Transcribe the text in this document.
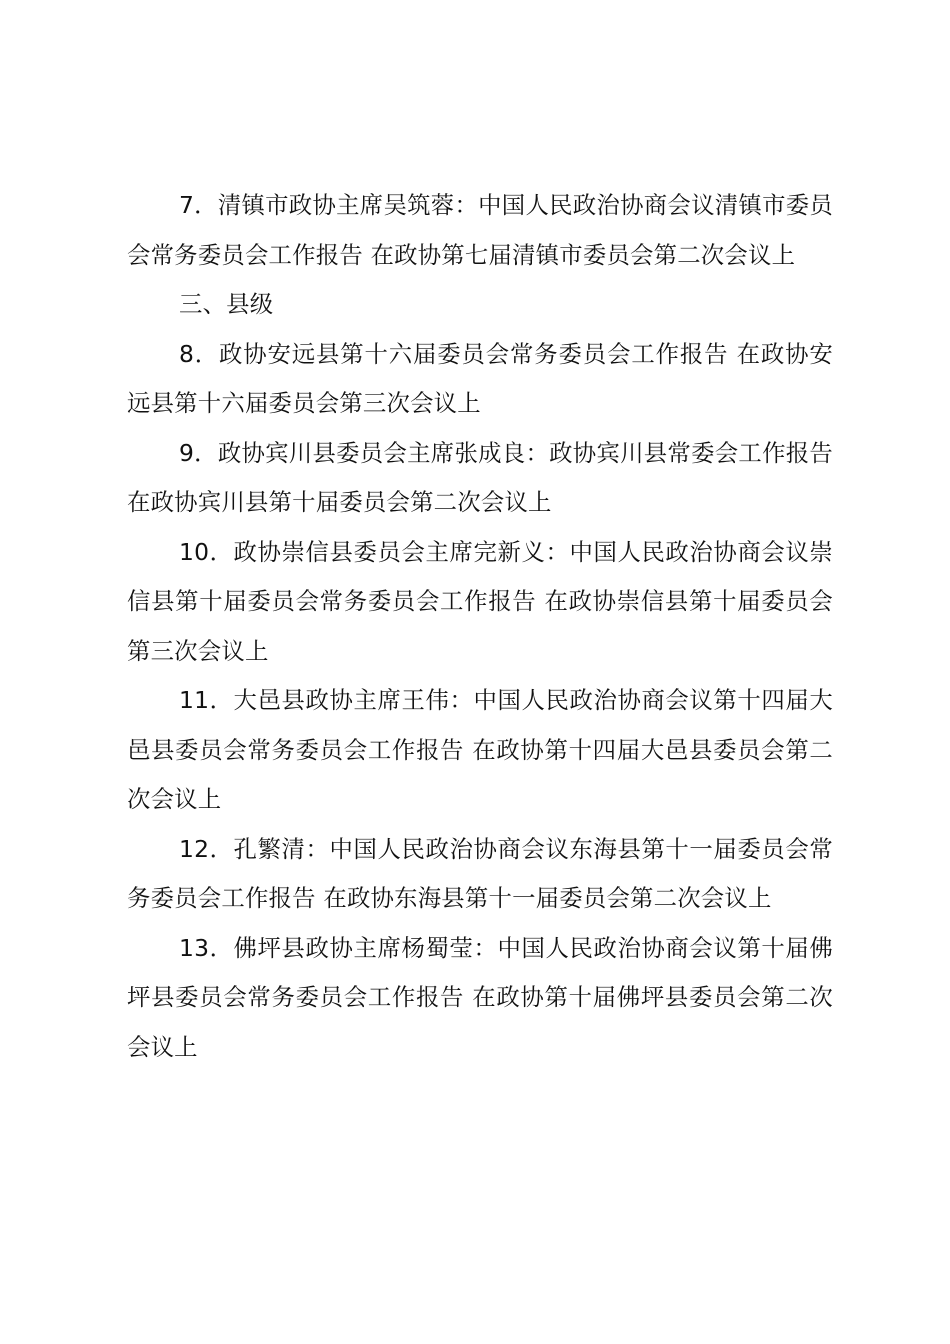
7．清镇市政协主席吴筑蓉：中国人民政治协商会议清镇市委员会常务委员会工作报告 在政协第七届清镇市委员会第二次会议上

三、县级

8．政协安远县第十六届委员会常务委员会工作报告 在政协安远县第十六届委员会第三次会议上

9．政协宾川县委员会主席张成良：政协宾川县常委会工作报告 在政协宾川县第十届委员会第二次会议上

10．政协崇信县委员会主席完新义：中国人民政治协商会议崇信县第十届委员会常务委员会工作报告 在政协崇信县第十届委员会第三次会议上

11．大邑县政协主席王伟：中国人民政治协商会议第十四届大邑县委员会常务委员会工作报告 在政协第十四届大邑县委员会第二次会议上

12．孔繁清：中国人民政治协商会议东海县第十一届委员会常务委员会工作报告 在政协东海县第十一届委员会第二次会议上

13．佛坪县政协主席杨蜀莹：中国人民政治协商会议第十届佛坪县委员会常务委员会工作报告 在政协第十届佛坪县委员会第二次会议上
